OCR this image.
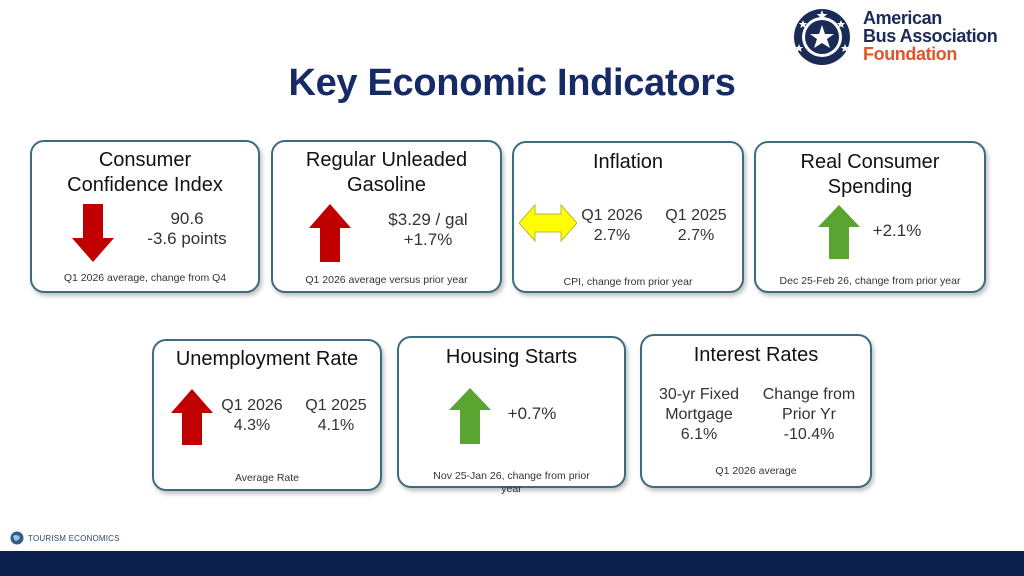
American
Bus Association
Foundation
Key Economic Indicators
Consumer
Confidence Index
90.6
-3.6 points
Q1 2026 average, change from Q4
Regular Unleaded
Gasoline
$3.29 / gal
+1.7%
Q1 2026 average versus prior year
Inflation
Q1 2026
2.7%
Q1 2025
2.7%
CPI, change from prior year
Real Consumer
Spending
+2.1%
Dec 25-Feb 26, change from prior year
Unemployment Rate
Q1 2026
4.3%
Q1 2025
4.1%
Average Rate
Housing Starts
+0.7%
Nov 25-Jan 26, change from prior
year
Interest Rates
30-yr Fixed
Mortgage
6.1%
Change from
Prior Yr
-10.4%
Q1 2026 average
TOURISM ECONOMICS
